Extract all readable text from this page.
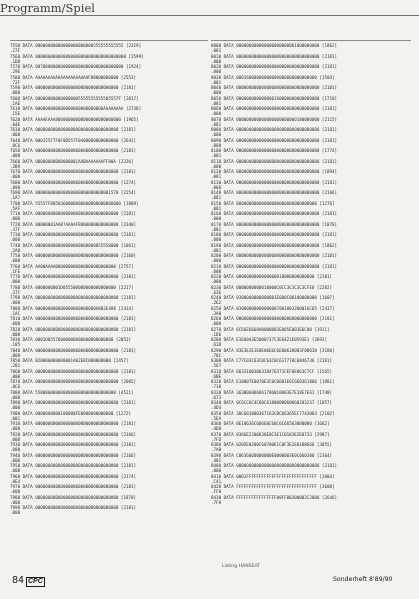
Programm/Spiel
7550 DATA 00000000000000000000000555555555555 [2329]
.27F
7560 DATA 000000000000000000000000000000000000 [2599]
.1D8
7570 DATA 00780000000000000000000000000000000 [1924]
.29E
7580 DATA AAAAAAAAAAAAAAAAAAAAAF80000000000 [2553]
.72F
7590 DATA 000000000000000000000000000000000 [2181]
.000
7600 DATA 000000000000000005555555555505557F [2017]
.1AE
7610 DATA 000000000000000000000000000AAAAAAAA [2738]
.15E
7620 DATA AAAAEAAA80000000000000000000000000 [1965]
.04E
7630 DATA 000000000000000000000000000000000 [2181]
.000
7640 DATA 000155F7F0F0D557F0400000000000000 [2641]
.8C6
7650 DATA 000000000000000000000000000000000 [2181]
.000
7660 DATA 00000000000000001AABAAAAAAAFF80A [2226]
.2B9
7670 DATA 000000000000000000000000000000000 [2181]
.000
7680 DATA 000000000000000000000000000000000 [1274]
.090
7690 DATA 000000000000000000000000000001570 [2254]
.1A7
7700 DATA 55557F8050360000000000000000000000 [1809]
.5AF
7710 DATA 000000000000000000000000000000000 [2181]
.000
7720 DATA 00000001AA8?AAAAF8000000000000000 [2340]
.37F
7730 DATA 000000000000000000000000000000000 [2181]
.000
7740 DATA 000000000000000000000000055558000 [1861]
.2A8
7750 DATA 000000000000000000000000000000000 [2160]
.000
7760 DATA AA00AAAA000000000000000000000000 [2757]
.1FE
7770 DATA 000000000000000000000000000000000 [2181]
.000
7780 DATA 0000000001D055500000000000000000 [2217]
.37F
7790 DATA 000000000000000000000000000000000 [2181]
.000
7800 DATA 000000000000000000000000A802E488 [2414]
.1AC
7810 DATA 000000000000000000000000000000000 [2181]
.000
7820 DATA 000000000000000000000000000000000 [2181]
.000
7830 DATA 0001D05576000000000000000000000 [2053]
.185
7840 DATA 000000000000000000000000000000000 [2181]
.000
7850 DATA 020000000000001A02E0C000000000 [2457]
.281
7860 DATA 000000000000000000000000000000000 [2181]
.000
7870 DATA 000000000000000000000000000000000 [2005]
.0C6
7880 DATA 55800000000000000000000000000000 [4521]
.000
7890 DATA 000000000000000000000000000000000 [2181]
.000
7900 DATA 0000000000100000FE0000000000000 [1272]
.081
7910 DATA 000000000000000000000000000000000 [2181]
.000
7920 DATA 000000000000000000000000000000000 [2166]
.000
7930 DATA 000000000000000000000000000000000 [2181]
.000
7940 DATA 000000000000000000000000000000000 [2166]
.000
7950 DATA 000000000000000000000000000000000 [2181]
.000
7960 DATA 000000000000000000000000000000000 [2174]
.0E4
7970 DATA 000000000000000000000000000000000 [2181]
.000
7980 DATA 000000000000000000000000000000000 [1870]
.000
7990 DATA 000000000000000000000000000000000 [2181]
.000
8000 DATA 000000000000000000000001800000000 [1862]
.081
8010 DATA 000000000000000000000000000000000 [2181]
.000
8020 DATA 000000000000000000000000000000000 [2181]
.000
8030 DATA 00016000000000000000000000000000 [1584]
.081
8040 DATA 000000000000000000000000000000000 [2181]
.000
8050 DATA 000000000000000160000000000000000 [1710]
.081
8060 DATA 000000000000000000000000000000000 [2181]
.000
8070 DATA 000000000000000000000000180000000 [2115]
.081
8080 DATA 000000000000000000000000000000000 [2181]
.000
8090 DATA 000000000000000000000000000000000 [2181]
.000
8100 DATA 000000000000000000000000000000000 [1774]
.081
8110 DATA 000000000000000000000000000000000 [2181]
.000
8120 DATA 000000000000000000000000000000000 [1894]
.081
8130 DATA 000000000000000000000000000000000 [2181]
.000
8140 DATA 000000000000000000000000000000000 [2166]
.081
8150 DATA 80000000000000000000000000000000 [1276]
.081
8160 DATA 000000000000000000000000000000000 [2181]
.000
8170 DATA 000000000000000000000000000000000 [1870]
.081
8180 DATA 000000000000000000000000000000000 [2181]
.000
8190 DATA 000000000000000000000000000000000 [1862]
.081
8200 DATA 000000000000000000000000000000000 [2181]
.000
8210 DATA 000000000000000000000000000000000 [2181]
.000
8220 DATA 0000000000000000010000000000000 [2181]
.000
8230 DATA 0000000000010000C0CC3C3C3C3CFE0 [2282]
.63E
8240 DATA 0300000000000001E000C00180000000 [1607]
.262
8250 DATA 03000000000000007001003200016C65 [2437]
.3A8
8260 DATA 00000000000000000000000000000000 [2181]
.000
8270 DATA 6C66E6668A0000003E005E003E6C00 [1911]
.1D6
8280 DATA E1E0043E5000737C3E6421E0593E1 [2693]
.61D
8290 DATA 83E3E2E1E0E06E6C6E00618003F00630 [3180]
.70C
8300 DATA C77C03C63C0C63C0C637770C6846736 [2181]
.567
8310 DATA 6633100306318476371FEF0E063C7CF [1565]
.6BE
8320 DATA E18007E0070E3C0C0601E6C6E0361866 [1981]
.718
8330 DATA 363006866661706010003E7E18E7E61 [1748]
.673
8340 DATA 0C6CC6C4C60C6180000060060203237 [1857]
.4D4
8350 DATA 30C601800367163C0C66365EC7743003 [2102]
.5EA
8360 DATA 0E18636C606E0C60C6C66563080000 [1662]
.4D8
8370 DATA 0366E2200636E0C3E1C0183E2E0733 [2987]
.7FD
8380 DATA 0205E0200C60700E1C0F3E2E0188666 [3055]
.7AB
8390 DATA C0636060000000E0000003E0C060300 [2364]
.401
8400 DATA 000000000000000000000000000000000 [2181]
.000
8410 DATA 0001FFFFFFFFFFFFFFFFFFFFFFFFFFFF [2004]
.C41
8420 DATA FFFFFFFFFFFFFFFFFFFFFFFFFFFFFFFF [3608]
.FF0
8430 DATA FFFFFFFFFFFFFFFF00FF00300003C2000 [2646]
.7F8
Listing HANSEAT
84 CPC	Sonderheft 8'89/90
